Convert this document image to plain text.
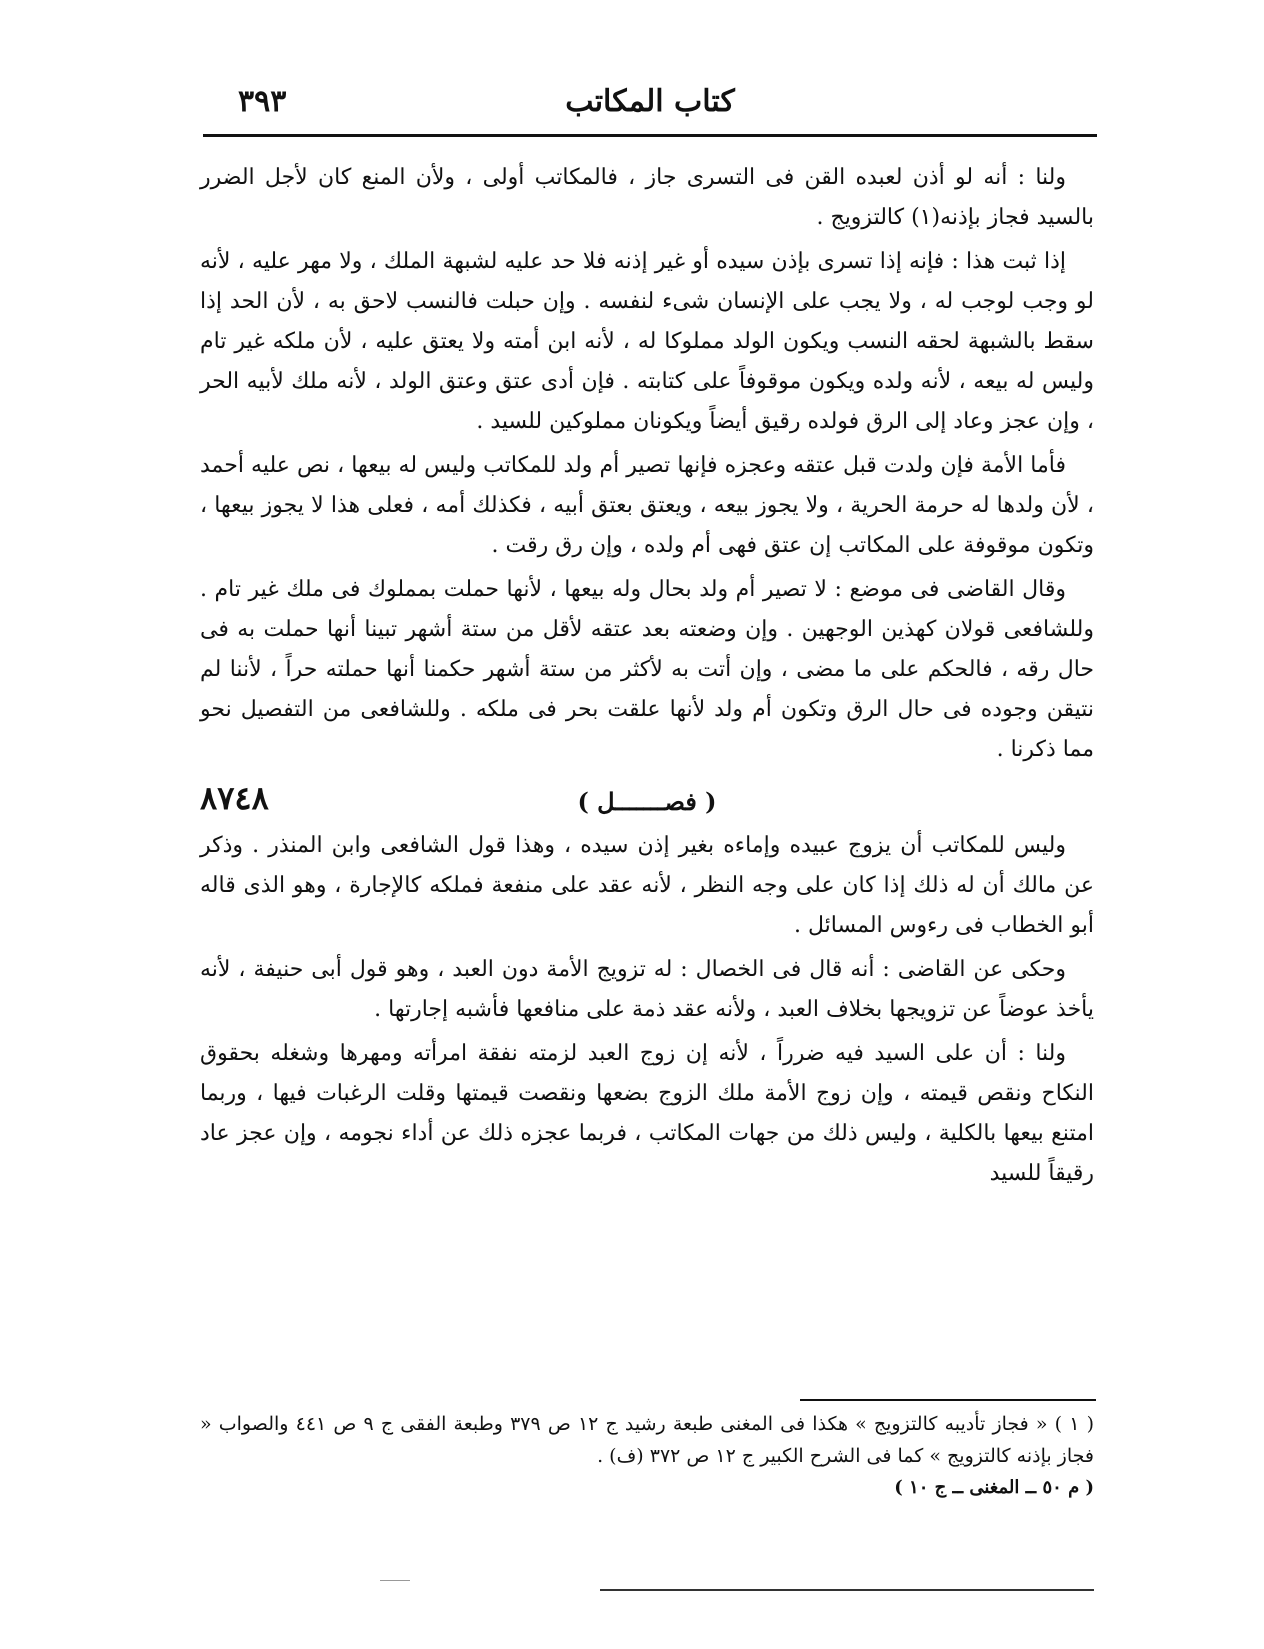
كتاب المكاتب
٣٩٣

ولنا : أنه لو أذن لعبده القن فى التسرى جاز ، فالمكاتب أولى ، ولأن المنع كان لأجل الضرر بالسيد فجاز بإذنه(١) كالتزويج .

إذا ثبت هذا : فإنه إذا تسرى بإذن سيده أو غير إذنه فلا حد عليه لشبهة الملك ، ولا مهر عليه ، لأنه لو وجب لوجب له ، ولا يجب على الإنسان شىء لنفسه . وإن حبلت فالنسب لاحق به ، لأن الحد إذا سقط بالشبهة لحقه النسب ويكون الولد مملوكا له ، لأنه ابن أمته ولا يعتق عليه ، لأن ملكه غير تام وليس له بيعه ، لأنه ولده ويكون موقوفاً على كتابته . فإن أدى عتق وعتق الولد ، لأنه ملك لأبيه الحر ، وإن عجز وعاد إلى الرق فولده رقيق أيضاً ويكونان مملوكين للسيد .

فأما الأمة فإن ولدت قبل عتقه وعجزه فإنها تصير أم ولد للمكاتب وليس له بيعها ، نص عليه أحمد ، لأن ولدها له حرمة الحرية ، ولا يجوز بيعه ، ويعتق بعتق أبيه ، فكذلك أمه ، فعلى هذا لا يجوز بيعها ، وتكون موقوفة على المكاتب إن عتق فهى أم ولده ، وإن رق رقت .

وقال القاضى فى موضع : لا تصير أم ولد بحال وله بيعها ، لأنها حملت بمملوك فى ملك غير تام . وللشافعى قولان كهذين الوجهين . وإن وضعته بعد عتقه لأقل من ستة أشهر تبينا أنها حملت به فى حال رقه ، فالحكم على ما مضى ، وإن أتت به لأكثر من ستة أشهر حكمنا أنها حملته حراً ، لأننا لم نتيقن وجوده فى حال الرق وتكون أم ولد لأنها علقت بحر فى ملكه . وللشافعى من التفصيل نحو مما ذكرنا .

٨٧٤٨	( فصـــــــل )

وليس للمكاتب أن يزوج عبيده وإماءه بغير إذن سيده ، وهذا قول الشافعى وابن المنذر . وذكر عن مالك أن له ذلك إذا كان على وجه النظر ، لأنه عقد على منفعة فملكه كالإجارة ، وهو الذى قاله أبو الخطاب فى رءوس المسائل .

وحكى عن القاضى : أنه قال فى الخصال : له تزويج الأمة دون العبد ، وهو قول أبى حنيفة ، لأنه يأخذ عوضاً عن تزويجها بخلاف العبد ، ولأنه عقد ذمة على منافعها فأشبه إجارتها .

ولنا : أن على السيد فيه ضرراً ، لأنه إن زوج العبد لزمته نفقة امرأته ومهرها وشغله بحقوق النكاح ونقص قيمته ، وإن زوج الأمة ملك الزوج بضعها ونقصت قيمتها وقلت الرغبات فيها ، وربما امتنع بيعها بالكلية ، وليس ذلك من جهات المكاتب ، فربما عجزه ذلك عن أداء نجومه ، وإن عجز عاد رقيقاً للسيد

( ١ ) « فجاز تأديبه كالتزويج » هكذا فى المغنى طبعة رشيد ج ١٢ ص ٣٧٩ وطبعة الفقى ج ٩ ص ٤٤١ والصواب « فجاز بإذنه كالتزويج » كما فى الشرح الكبير ج ١٢ ص ٣٧٢ (ف) .

( م ٥٠ ــ المغنى ــ ج ١٠ )
